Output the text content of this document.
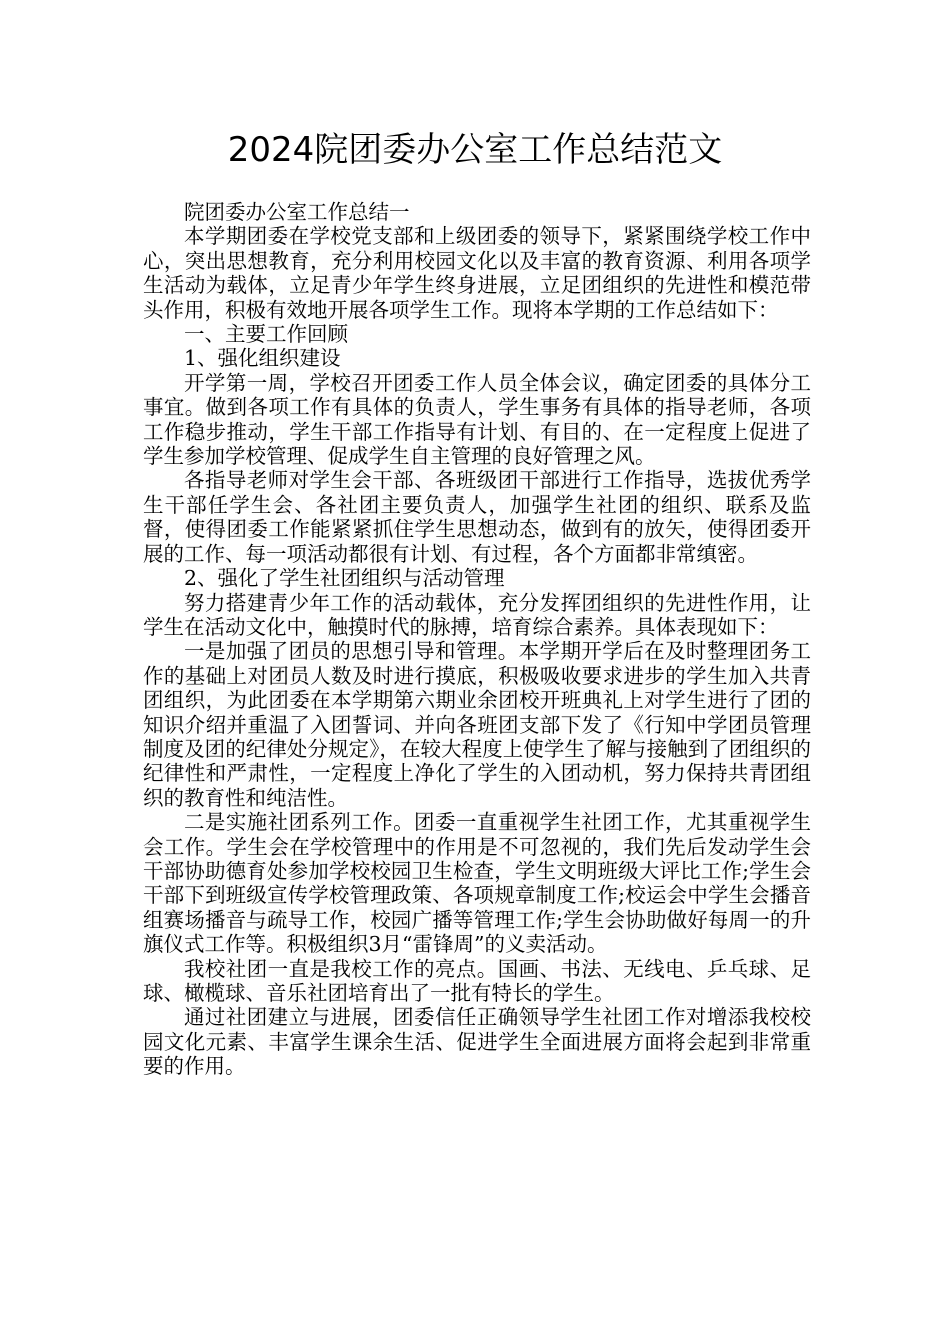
2024院团委办公室工作总结范文

院团委办公室工作总结一

本学期团委在学校党支部和上级团委的领导下，紧紧围绕学校工作中心，突出思想教育，充分利用校园文化以及丰富的教育资源、利用各项学生活动为载体，立足青少年学生终身进展，立足团组织的先进性和模范带头作用，积极有效地开展各项学生工作。现将本学期的工作总结如下：

一、主要工作回顾

1、强化组织建设

开学第一周，学校召开团委工作人员全体会议，确定团委的具体分工事宜。做到各项工作有具体的负责人，学生事务有具体的指导老师，各项工作稳步推动，学生干部工作指导有计划、有目的、在一定程度上促进了学生参加学校管理、促成学生自主管理的良好管理之风。

各指导老师对学生会干部、各班级团干部进行工作指导，选拔优秀学生干部任学生会、各社团主要负责人，加强学生社团的组织、联系及监督，使得团委工作能紧紧抓住学生思想动态，做到有的放矢，使得团委开展的工作、每一项活动都很有计划、有过程，各个方面都非常缜密。

2、强化了学生社团组织与活动管理

努力搭建青少年工作的活动载体，充分发挥团组织的先进性作用，让学生在活动文化中，触摸时代的脉搏，培育综合素养。具体表现如下：

一是加强了团员的思想引导和管理。本学期开学后在及时整理团务工作的基础上对团员人数及时进行摸底，积极吸收要求进步的学生加入共青团组织，为此团委在本学期第六期业余团校开班典礼上对学生进行了团的知识介绍并重温了入团誓词、并向各班团支部下发了《行知中学团员管理制度及团的纪律处分规定》，在较大程度上使学生了解与接触到了团组织的纪律性和严肃性，一定程度上净化了学生的入团动机，努力保持共青团组织的教育性和纯洁性。

二是实施社团系列工作。团委一直重视学生社团工作，尤其重视学生会工作。学生会在学校管理中的作用是不可忽视的，我们先后发动学生会干部协助德育处参加学校校园卫生检查，学生文明班级大评比工作;学生会干部下到班级宣传学校管理政策、各项规章制度工作;校运会中学生会播音组赛场播音与疏导工作，校园广播等管理工作;学生会协助做好每周一的升旗仪式工作等。积极组织3月“雷锋周”的义卖活动。

我校社团一直是我校工作的亮点。国画、书法、无线电、乒乓球、足球、橄榄球、音乐社团培育出了一批有特长的学生。

通过社团建立与进展，团委信任正确领导学生社团工作对增添我校校园文化元素、丰富学生课余生活、促进学生全面进展方面将会起到非常重要的作用。
